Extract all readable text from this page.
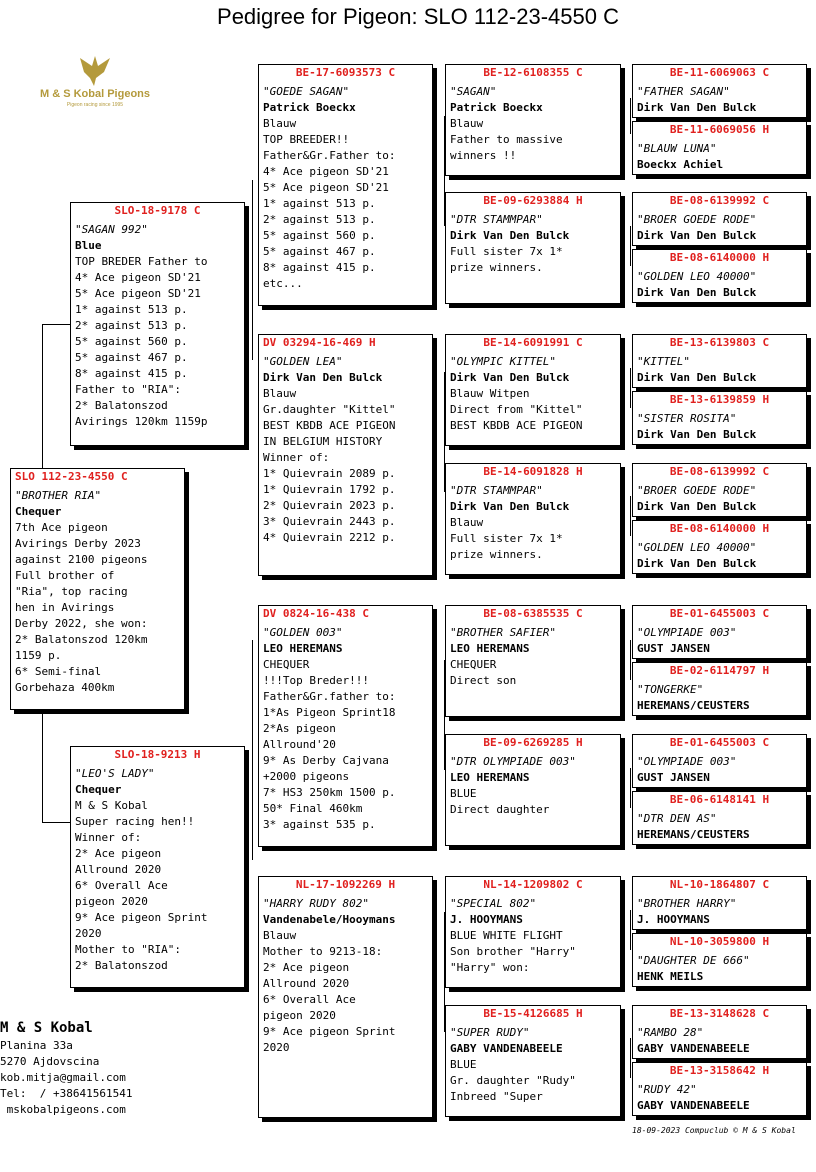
Pedigree for Pigeon: SLO 112-23-4550 C
M & S Kobal Pigeons
Pigeon racing since 1995
SLO 112-23-4550 C
"BROTHER RIA"
Chequer
7th Ace pigeon
Avirings Derby 2023
against 2100 pigeons
Full brother of
"Ria", top racing
hen in Avirings
Derby 2022, she won:
2* Balatonszod 120km
1159 p.
6* Semi-final
Gorbehaza 400km
SLO-18-9178 C
"SAGAN 992"
Blue
TOP BREDER Father to
4* Ace pigeon SD'21
5* Ace pigeon SD'21
1* against 513 p.
2* against 513 p.
5* against 560 p.
5* against 467 p.
8* against 415 p.
Father to "RIA":
2* Balatonszod
Avirings 120km 1159p
SLO-18-9213 H
"LEO'S LADY"
Chequer
M & S Kobal
Super racing hen!!
Winner of:
2* Ace pigeon
Allround 2020
6* Overall Ace
pigeon 2020
9* Ace pigeon Sprint
2020
Mother to "RIA":
2* Balatonszod
BE-17-6093573 C
"GOEDE SAGAN"
Patrick Boeckx
Blauw
TOP BREEDER!!
Father&Gr.Father to:
4* Ace pigeon SD'21
5* Ace pigeon SD'21
1* against 513 p.
2* against 513 p.
5* against 560 p.
5* against 467 p.
8* against 415 p.
etc...
DV 03294-16-469 H
"GOLDEN LEA"
Dirk Van Den Bulck
Blauw
Gr.daughter "Kittel"
BEST KBDB ACE PIGEON
IN BELGIUM HISTORY
Winner of:
1* Quievrain 2089 p.
1* Quievrain 1792 p.
2* Quievrain 2023 p.
3* Quievrain 2443 p.
4* Quievrain 2212 p.
DV 0824-16-438 C
"GOLDEN 003"
LEO HEREMANS
CHEQUER
!!!Top Breder!!!
Father&Gr.father to:
1*As Pigeon Sprint18
2*As pigeon
Allround'20
9* As Derby Cajvana
+2000 pigeons
7* HS3 250km 1500 p.
50* Final 460km
3* against 535 p.
NL-17-1092269 H
"HARRY RUDY 802"
Vandenabele/Hooymans
Blauw
Mother to 9213-18:
2* Ace pigeon
Allround 2020
6* Overall Ace
pigeon 2020
9* Ace pigeon Sprint
2020
BE-12-6108355 C
"SAGAN"
Patrick Boeckx
Blauw
Father to massive
winners !!
BE-09-6293884 H
"DTR STAMMPAR"
Dirk Van Den Bulck
Full sister 7x 1*
prize winners.
BE-14-6091991 C
"OLYMPIC KITTEL"
Dirk Van Den Bulck
Blauw Witpen
Direct from "Kittel"
BEST KBDB ACE PIGEON
BE-14-6091828 H
"DTR STAMMPAR"
Dirk Van Den Bulck
Blauw
Full sister 7x 1*
prize winners.
BE-08-6385535 C
"BROTHER SAFIER"
LEO HEREMANS
CHEQUER
Direct son
BE-09-6269285 H
"DTR OLYMPIADE 003"
LEO HEREMANS
BLUE
Direct daughter
NL-14-1209802 C
"SPECIAL 802"
J. HOOYMANS
BLUE WHITE FLIGHT
Son brother "Harry"
"Harry" won:
BE-15-4126685 H
"SUPER RUDY"
GABY VANDENABEELE
BLUE
Gr. daughter "Rudy"
Inbreed "Super
BE-11-6069063 C
"FATHER SAGAN"
Dirk Van Den Bulck
BE-11-6069056 H
"BLAUW LUNA"
Boeckx Achiel
BE-08-6139992 C
"BROER GOEDE RODE"
Dirk Van Den Bulck
BE-08-6140000 H
"GOLDEN LEO 40000"
Dirk Van Den Bulck
BE-13-6139803 C
"KITTEL"
Dirk Van Den Bulck
BE-13-6139859 H
"SISTER ROSITA"
Dirk Van Den Bulck
BE-08-6139992 C
"BROER GOEDE RODE"
Dirk Van Den Bulck
BE-08-6140000 H
"GOLDEN LEO 40000"
Dirk Van Den Bulck
BE-01-6455003 C
"OLYMPIADE 003"
GUST JANSEN
BE-02-6114797 H
"TONGERKE"
HEREMANS/CEUSTERS
BE-01-6455003 C
"OLYMPIADE 003"
GUST JANSEN
BE-06-6148141 H
"DTR DEN AS"
HEREMANS/CEUSTERS
NL-10-1864807 C
"BROTHER HARRY"
J. HOOYMANS
NL-10-3059800 H
"DAUGHTER DE 666"
HENK MEILS
BE-13-3148628 C
"RAMBO 28"
GABY VANDENABEELE
BE-13-3158642 H
"RUDY 42"
GABY VANDENABEELE
M & S Kobal
Planina 33a
5270 Ajdovscina
kob.mitja@gmail.com
Tel:  / +38641561541
mskobalpigeons.com
18-09-2023 Compuclub © M & S Kobal
